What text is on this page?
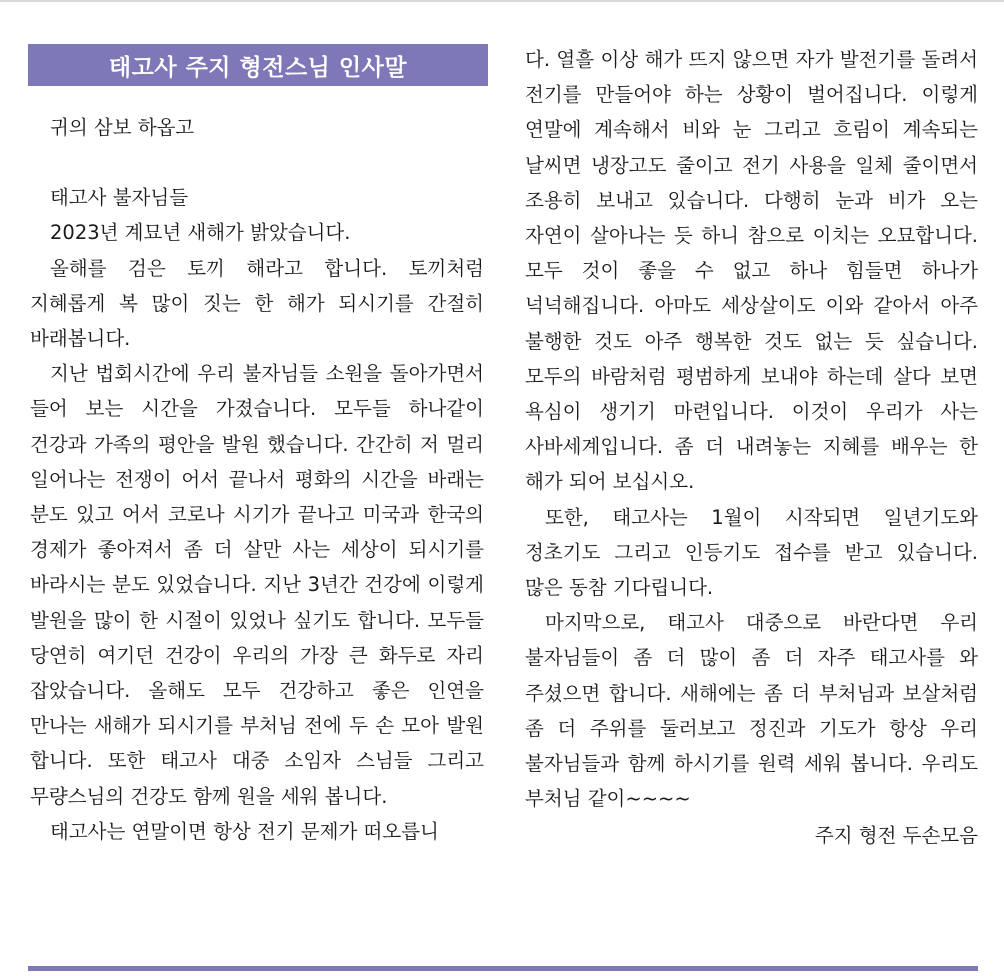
태고사 주지 형전스님 인사말

귀의 삼보 하옵고

태고사 불자님들

2023년 계묘년 새해가 밝았습니다.

올해를 검은 토끼 해라고 합니다. 토끼처럼 지혜롭게 복 많이 짓는 한 해가 되시기를 간절히 바래봅니다.

지난 법회시간에 우리 불자님들 소원을 돌아가면서 들어 보는 시간을 가졌습니다. 모두들 하나같이 건강과 가족의 평안을 발원 했습니다. 간간히 저 멀리 일어나는 전쟁이 어서 끝나서 평화의 시간을 바래는 분도 있고 어서 코로나 시기가 끝나고 미국과 한국의 경제가 좋아져서 좀 더 살만 사는 세상이 되시기를 바라시는 분도 있었습니다. 지난 3년간 건강에 이렇게 발원을 많이 한 시절이 있었나 싶기도 합니다. 모두들 당연히 여기던 건강이 우리의 가장 큰 화두로 자리 잡았습니다. 올해도 모두 건강하고 좋은 인연을 만나는 새해가 되시기를 부처님 전에 두 손 모아 발원 합니다. 또한 태고사 대중 소임자 스님들 그리고 무량스님의 건강도 함께 원을 세워 봅니다.

태고사는 연말이면 항상 전기 문제가 떠오릅니

다. 열흘 이상 해가 뜨지 않으면 자가 발전기를 돌려서 전기를 만들어야 하는 상황이 벌어집니다. 이렇게 연말에 계속해서 비와 눈 그리고 흐림이 계속되는 날씨면 냉장고도 줄이고 전기 사용을 일체 줄이면서 조용히 보내고 있습니다. 다행히 눈과 비가 오는 자연이 살아나는 듯 하니 참으로 이치는 오묘합니다. 모두 것이 좋을 수 없고 하나 힘들면 하나가 넉넉해집니다. 아마도 세상살이도 이와 같아서 아주 불행한 것도 아주 행복한 것도 없는 듯 싶습니다. 모두의 바람처럼 평범하게 보내야 하는데 살다 보면 욕심이 생기기 마련입니다. 이것이 우리가 사는 사바세계입니다. 좀 더 내려놓는 지혜를 배우는 한 해가 되어 보십시오.

또한, 태고사는 1월이 시작되면 일년기도와 정초기도 그리고 인등기도 접수를 받고 있습니다. 많은 동참 기다립니다.

마지막으로, 태고사 대중으로 바란다면 우리 불자님들이 좀 더 많이 좀 더 자주 태고사를 와 주셨으면 합니다. 새해에는 좀 더 부처님과 보살처럼 좀 더 주위를 둘러보고 정진과 기도가 항상 우리 불자님들과 함께 하시기를 원력 세워 봅니다. 우리도 부처님 같이~~~~

주지 형전 두손모음
